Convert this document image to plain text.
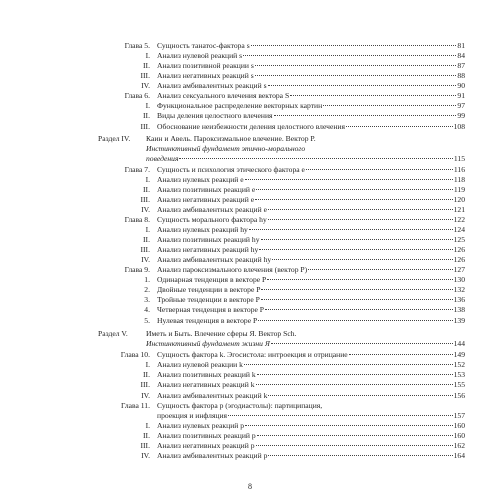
Глава 5. Сущность танатос-фактора s	81
I. Анализ нулевой реакций s	84
II. Анализ позитивной реакции s	87
III. Анализ негативных реакций s	88
IV. Анализ амбивалентных реакций s	90
Глава 6. Анализ сексуального влечения вектора S	91
I. Функциональное распределение векторных картин	97
II. Виды деления целостного влечения	99
III. Обоснование неизбежности деления целостного влечения	108
Раздел IV.	Каин и Авель. Пароксизмальное влечение. Вектор P.
Инстинктивный фундамент этично-морального
поведения	115
Глава 7. Сущность и психология этического фактора e	116
I. Анализ нулевых реакций e	118
II. Анализ позитивных реакций e	119
III. Анализ негативных реакций e	120
IV. Анализ амбивалентных реакций e	121
Глава 8. Сущность морального фактора hy	122
I. Анализ нулевых реакций hy	124
II. Анализ позитивных реакций hy	125
III. Анализ негативных реакций hy	126
IV. Анализ амбивалентных реакций hy	126
Глава 9. Анализ пароксизмального влечения (вектор P)	127
1. Одинарная тенденция в векторе P	130
2. Двойные тенденции в векторе P	132
3. Тройные тенденции в векторе P	136
4. Четверная тенденция в векторе P	138
5. Нулевая тенденция в векторе P	139
Раздел V.	Иметь и Быть. Влечение сферы Я. Вектор Sch.
Инстинктивный фундамент жизни Я	144
Глава 10. Сущность фактора k. Эгосистола: интроекция и отрицание	149
I. Анализ нулевой реакции k	152
II. Анализ позитивных реакций k	153
III. Анализ негативных реакций k	155
IV. Анализ амбивалентных реакций k	156
Глава 11. Сущность фактора p (эгодиастолы): партиципация,
проекция и инфляция	157
I. Анализ нулевых реакций p	160
II. Анализ позитивных реакций p	160
III. Анализ негативных реакций p	162
IV. Анализ амбивалентных реакций p	164
8
